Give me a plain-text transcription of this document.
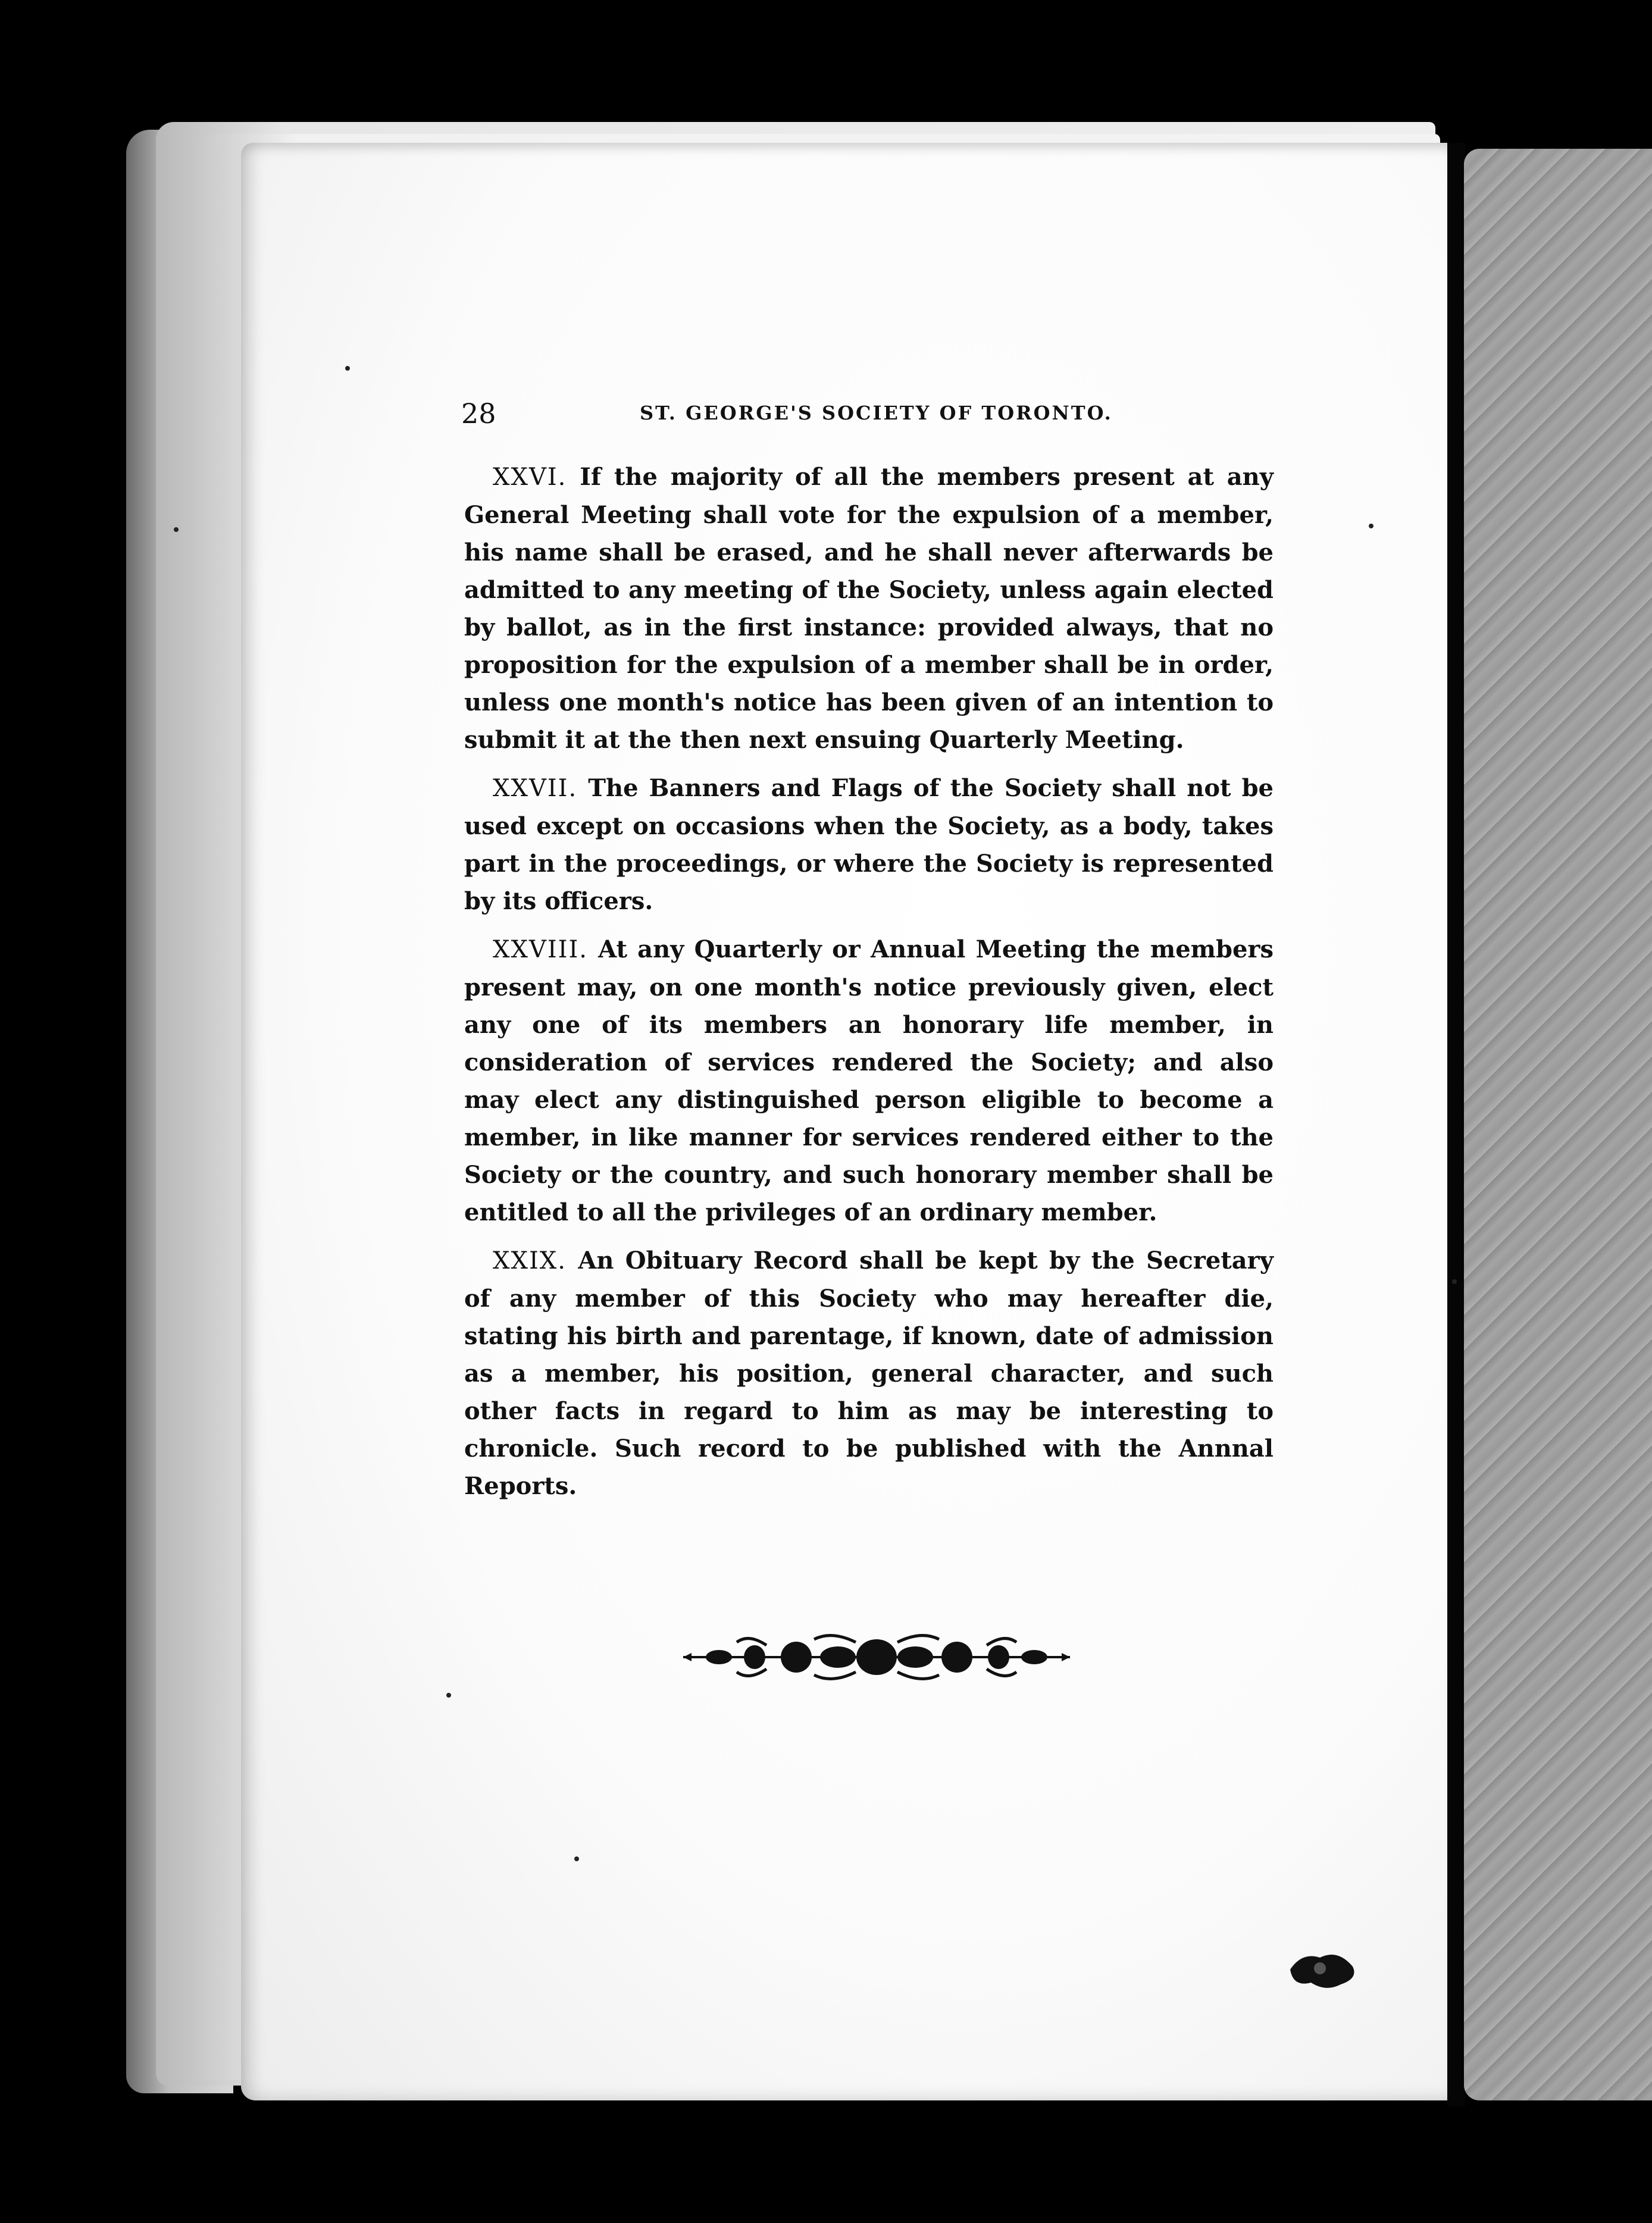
28	ST. GEORGE'S SOCIETY OF TORONTO.

XXVI. If the majority of all the members present at any General Meeting shall vote for the expulsion of a member, his name shall be erased, and he shall never afterwards be admitted to any meeting of the Society, unless again elected by ballot, as in the first instance: provided always, that no proposition for the expulsion of a member shall be in order, unless one month's notice has been given of an intention to submit it at the then next ensuing Quarterly Meeting.

XXVII. The Banners and Flags of the Society shall not be used except on occasions when the Society, as a body, takes part in the proceedings, or where the Society is represented by its officers.

XXVIII. At any Quarterly or Annual Meeting the members present may, on one month's notice previously given, elect any one of its members an honorary life member, in consideration of services rendered the Society; and also may elect any distinguished person eligible to become a member, in like manner for services rendered either to the Society or the country, and such honorary member shall be entitled to all the privileges of an ordinary member.

XXIX. An Obituary Record shall be kept by the Secretary of any member of this Society who may hereafter die, stating his birth and parentage, if known, date of admission as a member, his position, general character, and such other facts in regard to him as may be interesting to chronicle. Such record to be published with the Annnal Reports.
